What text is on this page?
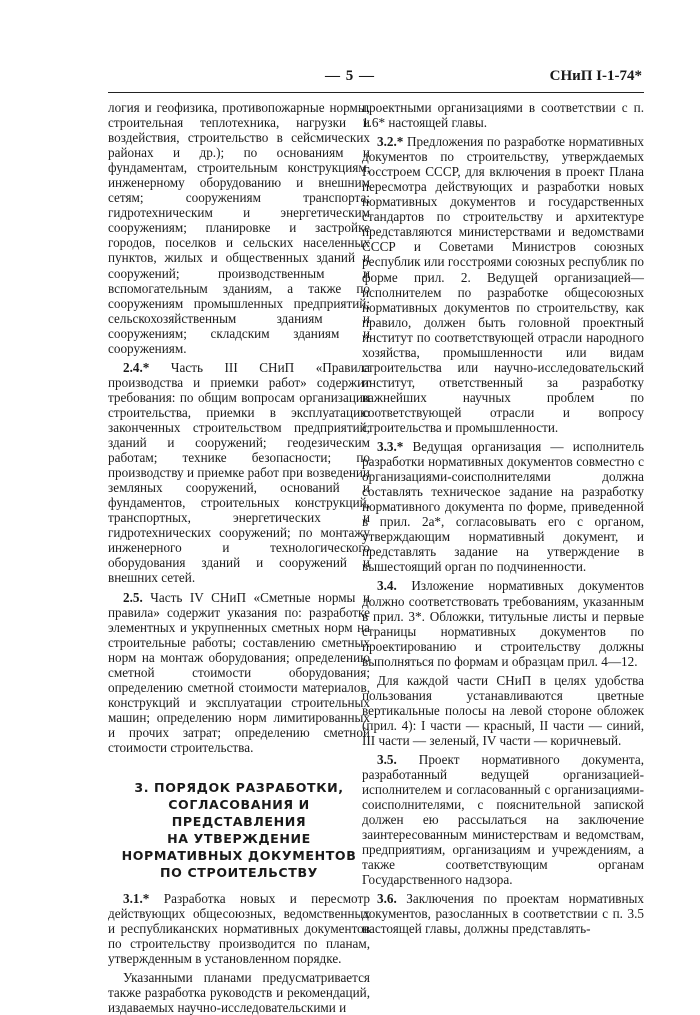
— 5 —	СНиП I-1-74*

логия и геофизика, противопожарные нормы, строительная теплотехника, нагрузки и воздействия, строительство в сейсмических районах и др.); по основаниям и фундаментам, строительным конструкциям, инженерному оборудованию и внешним сетям; сооружениям транспорта; гидротехническим и энергетическим сооружениям; планировке и застройке городов, поселков и сельских населенных пунктов, жилых и общественных зданий и сооружений; производственным и вспомогательным зданиям, а также по сооружениям промышленных предприятий; сельскохозяйственным зданиям и сооружениям; складским зданиям и сооружениям.

2.4.* Часть III СНиП «Правила производства и приемки работ» содержит требования: по общим вопросам организации строительства, приемки в эксплуатацию законченных строительством предприятий, зданий и сооружений; геодезическим работам; технике безопасности; по производству и приемке работ при возведении земляных сооружений, оснований и фундаментов, строительных конструкций, транспортных, энергетических и гидротехнических сооружений; по монтажу инженерного и технологического оборудования зданий и сооружений и внешних сетей.

2.5. Часть IV СНиП «Сметные нормы и правила» содержит указания по: разработке элементных и укрупненных сметных норм на строительные работы; составлению сметных норм на монтаж оборудования; определению сметной стоимости оборудования; определению сметной стоимости материалов, конструкций и эксплуатации строительных машин; определению норм лимитированных и прочих затрат; определению сметной стоимости строительства.

3. ПОРЯДОК РАЗРАБОТКИ,
СОГЛАСОВАНИЯ И ПРЕДСТАВЛЕНИЯ
НА УТВЕРЖДЕНИЕ
НОРМАТИВНЫХ ДОКУМЕНТОВ
ПО СТРОИТЕЛЬСТВУ

3.1.* Разработка новых и пересмотр действующих общесоюзных, ведомственных и республиканских нормативных документов по строительству производится по планам, утвержденным в установленном порядке.

Указанными планами предусматривается также разработка руководств и рекомендаций, издаваемых научно-исследовательскими и

проектными организациями в соответствии с п. 1.6* настоящей главы.

3.2.* Предложения по разработке нормативных документов по строительству, утверждаемых Госстроем СССР, для включения в проект Плана пересмотра действующих и разработки новых нормативных документов и государственных стандартов по строительству и архитектуре представляются министерствами и ведомствами СССР и Советами Министров союзных республик или госстроями союзных республик по форме прил. 2. Ведущей организацией—исполнителем по разработке общесоюзных нормативных документов по строительству, как правило, должен быть головной проектный институт по соответствующей отрасли народного хозяйства, промышленности или видам строительства или научно-исследовательский институт, ответственный за разработку важнейших научных проблем по соответствующей отрасли и вопросу строительства и промышленности.

3.3.* Ведущая организация — исполнитель разработки нормативных документов совместно с организациями-соисполнителями должна составлять техническое задание на разработку нормативного документа по форме, приведенной в прил. 2а*, согласовывать его с органом, утверждающим нормативный документ, и представлять задание на утверждение в вышестоящий орган по подчиненности.

3.4. Изложение нормативных документов должно соответствовать требованиям, указанным в прил. 3*. Обложки, титульные листы и первые страницы нормативных документов по проектированию и строительству должны выполняться по формам и образцам прил. 4—12.

Для каждой части СНиП в целях удобства пользования устанавливаются цветные вертикальные полосы на левой стороне обложек (прил. 4): I части — красный, II части — синий, III части — зеленый, IV части — коричневый.

3.5. Проект нормативного документа, разработанный ведущей организацией-исполнителем и согласованный с организациями-соисполнителями, с пояснительной запиской должен ею рассылаться на заключение заинтересованным министерствам и ведомствам, предприятиям, организациям и учреждениям, а также соответствующим органам Государственного надзора.

3.6. Заключения по проектам нормативных документов, разосланных в соответствии с п. 3.5 настоящей главы, должны представлять-
